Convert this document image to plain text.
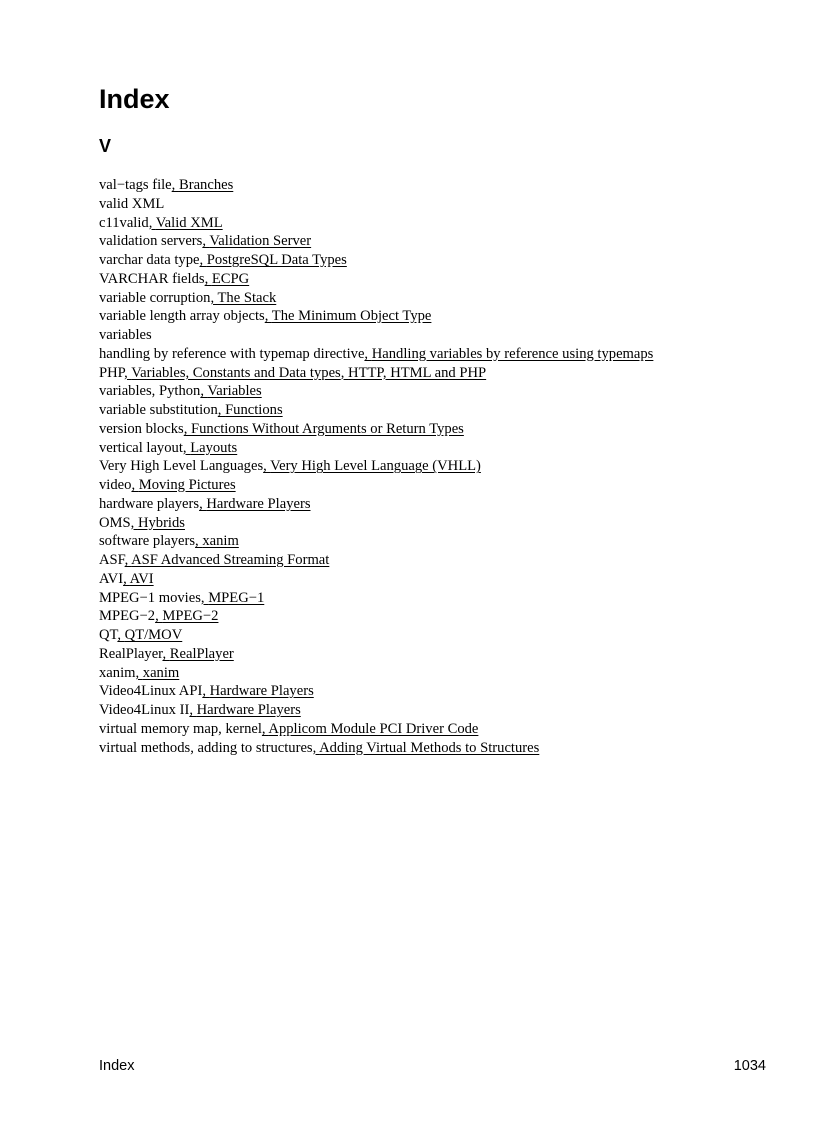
Index
V
val−tags file , Branches
valid XML
c11valid , Valid XML
validation servers , Validation Server
varchar data type , PostgreSQL Data Types
VARCHAR fields , ECPG
variable corruption , The Stack
variable length array objects , The Minimum Object Type
variables
handling by reference with typemap directive , Handling variables by reference using typemaps
PHP , Variables, Constants and Data types , HTTP, HTML and PHP
variables, Python , Variables
variable substitution , Functions
version blocks , Functions Without Arguments or Return Types
vertical layout , Layouts
Very High Level Languages , Very High Level Language (VHLL)
video , Moving Pictures
hardware players , Hardware Players
OMS , Hybrids
software players , xanim
ASF , ASF Advanced Streaming Format
AVI , AVI
MPEG−1 movies , MPEG−1
MPEG−2 , MPEG−2
QT , QT/MOV
RealPlayer , RealPlayer
xanim , xanim
Video4Linux API , Hardware Players
Video4Linux II , Hardware Players
virtual memory map, kernel , Applicom Module PCI Driver Code
virtual methods, adding to structures , Adding Virtual Methods to Structures
Index	1034
